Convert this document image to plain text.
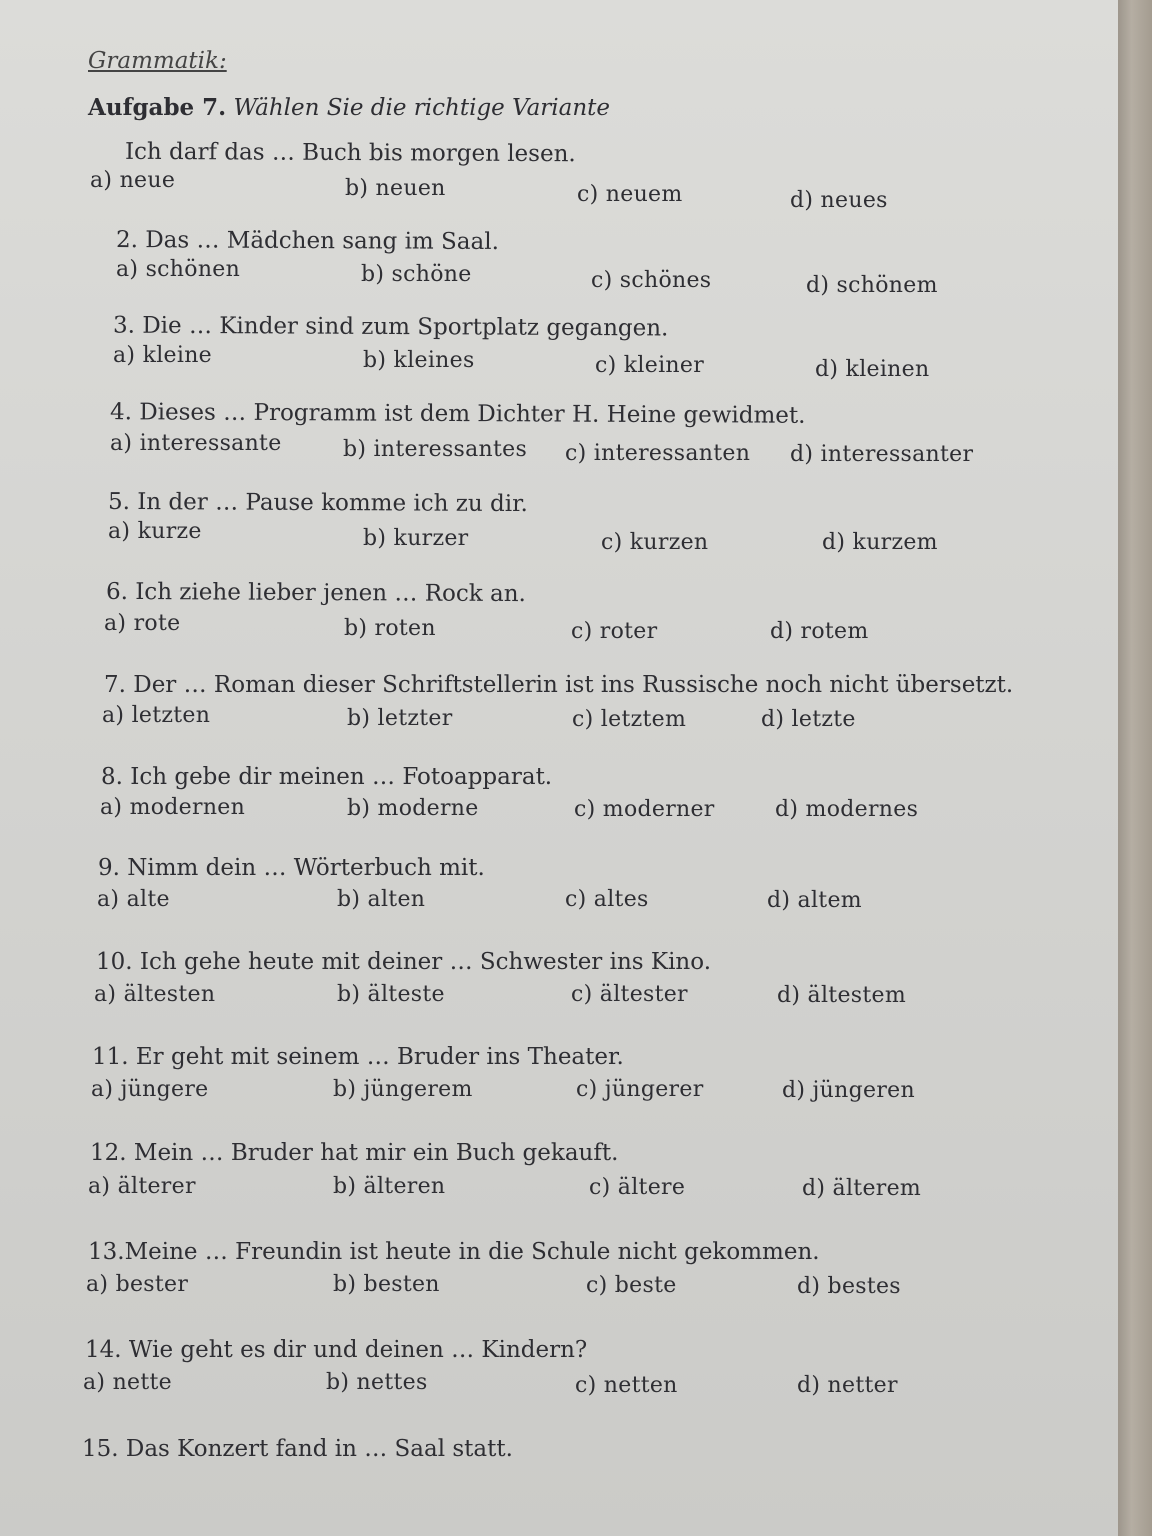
Grammatik:
Aufgabe 7. Wählen Sie die richtige Variante
Ich darf das … Buch bis morgen lesen.
a) neue	b) neuen	c) neuem	d) neues
2. Das … Mädchen sang im Saal.
a) schönen	b) schöne	c) schönes	d) schönem
3. Die … Kinder sind zum Sportplatz gegangen.
a) kleine	b) kleines	c) kleiner	d) kleinen
4. Dieses … Programm ist dem Dichter H. Heine gewidmet.
a) interessante	b) interessantes c) interessanten d) interessanter
5. In der … Pause komme ich zu dir.
a) kurze	b) kurzer	c) kurzen	d) kurzem
6. Ich ziehe lieber jenen … Rock an.
a) rote	b) roten	c) roter	d) rotem
7. Der … Roman dieser Schriftstellerin ist ins Russische noch nicht übersetzt.
a) letzten	b) letzter	c) letztem	d) letzte
8. Ich gebe dir meinen … Fotoapparat.
a) modernen	b) moderne	c) moderner	d) modernes
9. Nimm dein … Wörterbuch mit.
a) alte	b) alten	c) altes	d) altem
10. Ich gehe heute mit deiner … Schwester ins Kino.
a) ältesten	b) älteste	c) ältester	d) ältestem
11. Er geht mit seinem … Bruder ins Theater.
a) jüngere	b) jüngerem	c) jüngerer	d) jüngeren
12. Mein … Bruder hat mir ein Buch gekauft.
a) älterer	b) älteren	c) ältere	d) älterem
13.Meine … Freundin ist heute in die Schule nicht gekommen.
a) bester	b) besten	c) beste	d) bestes
14. Wie geht es dir und deinen … Kindern?
a) nette	b) nettes	c) netten	d) netter
15. Das Konzert fand in … Saal statt.
